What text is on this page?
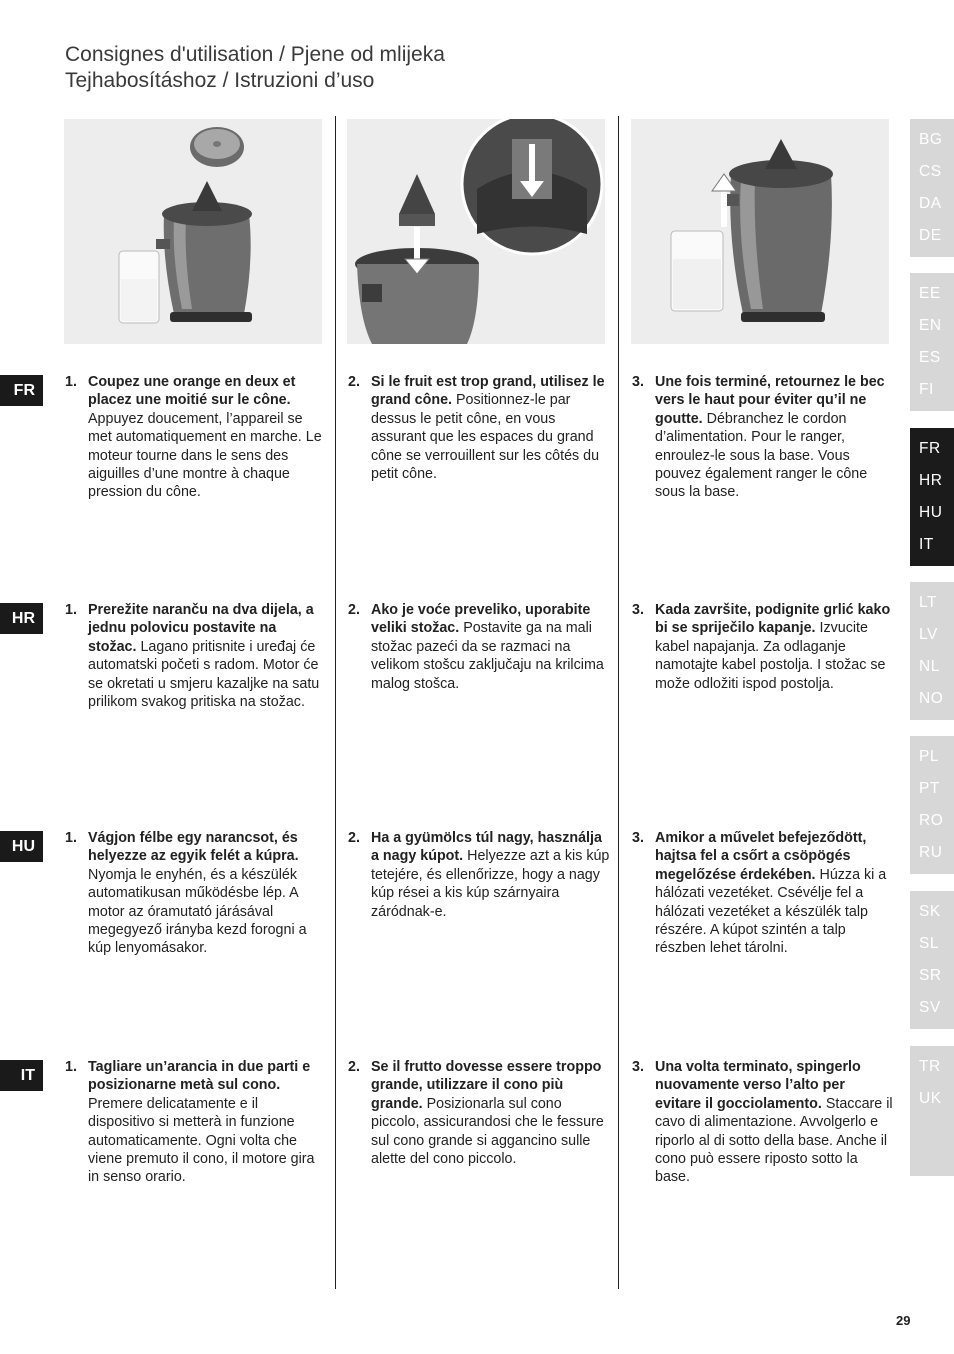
Consignes d'utilisation / Pjene od mlijeka
Tejhabosításhoz / Istruzioni d’uso
FR	1. Coupez une orange en deux et placez une moitié sur le cône. Appuyez doucement, l’appareil se met automatiquement en marche. Le moteur tourne dans le sens des aiguilles d’une montre à chaque pression du cône.
2. Si le fruit est trop grand, utilisez le grand cône. Positionnez-le par dessus le petit cône, en vous assurant que les espaces du grand cône se verrouillent sur les côtés du petit cône.
3. Une fois terminé, retournez le bec vers le haut pour éviter qu’il ne goutte. Débranchez le cordon d’alimentation. Pour le ranger, enroulez-le sous la base. Vous pouvez également ranger le cône sous la base.
HR	1. Prerežite naranču na dva dijela, a jednu polovicu postavite na stožac. Lagano pritisnite i uređaj će automatski početi s radom. Motor će se okretati u smjeru kazaljke na satu prilikom svakog pritiska na stožac.
2. Ako je voće preveliko, uporabite veliki stožac. Postavite ga na mali stožac pazeći da se razmaci na velikom stošcu zaključaju na krilcima malog stošca.
3. Kada završite, podignite grlić kako bi se spriječilo kapanje. Izvucite kabel napajanja. Za odlaganje namotajte kabel postolja. I stožac se može odložiti ispod postolja.
HU	1. Vágjon félbe egy narancsot, és helyezze az egyik felét a kúpra. Nyomja le enyhén, és a készülék automatikusan működésbe lép. A motor az óramutató járásával megegyező irányba kezd forogni a kúp lenyomásakor.
2. Ha a gyümölcs túl nagy, használja a nagy kúpot. Helyezze azt a kis kúp tetejére, és ellenőrizze, hogy a nagy kúp rései a kis kúp szárnyaira záródnak-e.
3. Amikor a művelet befejeződött, hajtsa fel a csőrt a csöpögés megelőzése érdekében. Húzza ki a hálózati vezetéket. Csévélje fel a hálózati vezetéket a készülék talp részére. A kúpot szintén a talp részben lehet tárolni.
IT	1. Tagliare un’arancia in due parti e posizionarne metà sul cono. Premere delicatamente e il dispositivo si metterà in funzione automaticamente. Ogni volta che viene premuto il cono, il motore gira in senso orario.
2. Se il frutto dovesse essere troppo grande, utilizzare il cono più grande. Posizionarla sul cono piccolo, assicurandosi che le fessure sul cono grande si aggancino sulle alette del cono piccolo.
3. Una volta terminato, spingerlo nuovamente verso l’alto per evitare il gocciolamento. Staccare il cavo di alimentazione. Avvolgerlo e riporlo al di sotto della base. Anche il cono può essere riposto sotto la base.
BG
CS
DA
DE
EE
EN
ES
FI
FR
HR
HU
IT
LT
LV
NL
NO
PL
PT
RO
RU
SK
SL
SR
SV
TR
UK
29
